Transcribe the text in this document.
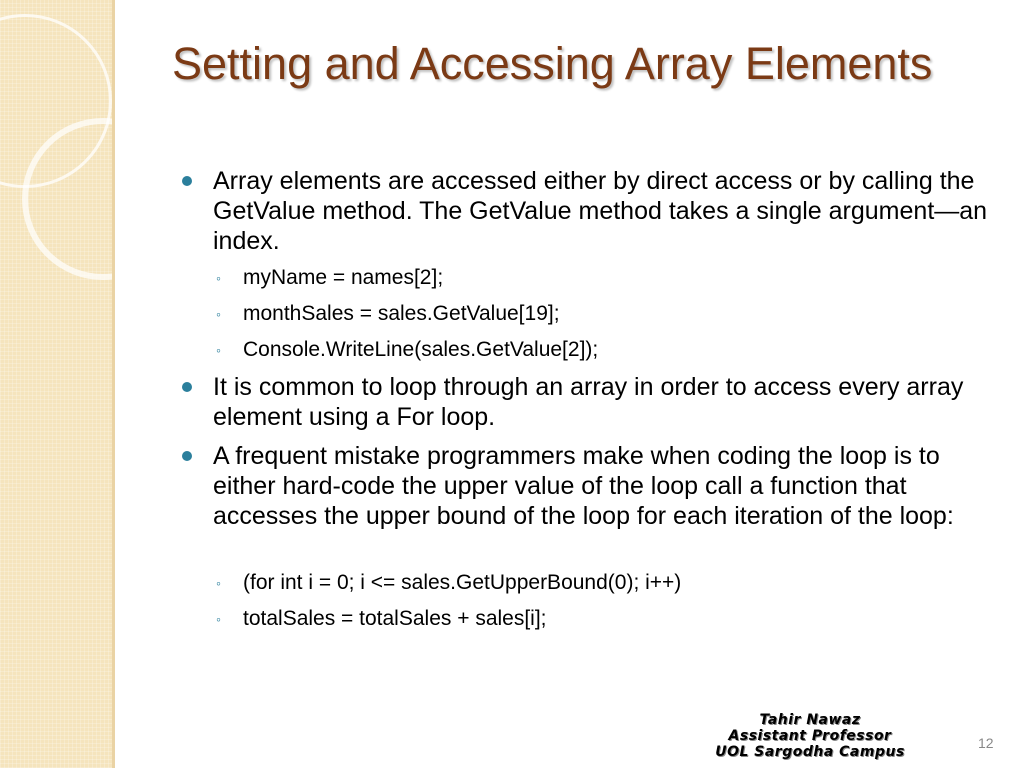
Setting and Accessing Array Elements
Array elements are accessed either by direct access or by calling the GetValue method. The GetValue method takes a single argument—an index.
◦ myName = names[2];
◦ monthSales = sales.GetValue[19];
◦ Console.WriteLine(sales.GetValue[2]);
It is common to loop through an array in order to access every array element using a For loop.
A frequent mistake programmers make when coding the loop is to either hard-code the upper value of the loop call a function that accesses the upper bound of the loop for each iteration of the loop:
◦ (for int i = 0; i <= sales.GetUpperBound(0); i++)
◦ totalSales = totalSales + sales[i];
Tahir Nawaz
Assistant Professor
UOL Sargodha Campus
12
